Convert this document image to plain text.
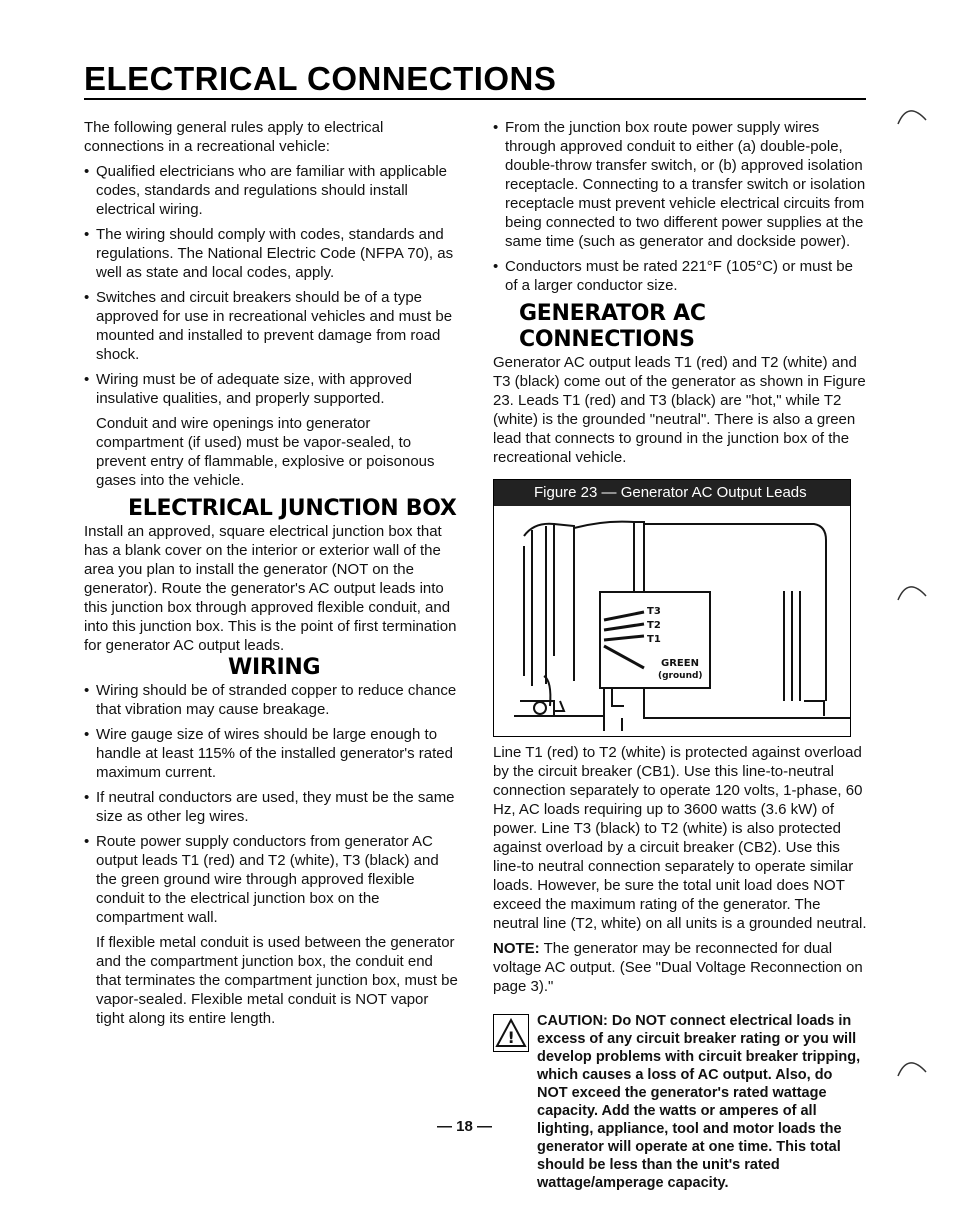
ELECTRICAL CONNECTIONS

The following general rules apply to electrical connections in a recreational vehicle:

• Qualified electricians who are familiar with applicable codes, standards and regulations should install electrical wiring.
• The wiring should comply with codes, standards and regulations. The National Electric Code (NFPA 70), as well as state and local codes, apply.
• Switches and circuit breakers should be of a type approved for use in recreational vehicles and must be mounted and installed to prevent damage from road shock.
• Wiring must be of adequate size, with approved insulative qualities, and properly supported.

Conduit and wire openings into generator compartment (if used) must be vapor-sealed, to prevent entry of flammable, explosive or poisonous gases into the vehicle.

ELECTRICAL JUNCTION BOX

Install an approved, square electrical junction box that has a blank cover on the interior or exterior wall of the area you plan to install the generator (NOT on the generator). Route the generator's AC output leads into this junction box through approved flexible conduit, and into this junction box. This is the point of first termination for generator AC output leads.

WIRING
• Wiring should be of stranded copper to reduce chance that vibration may cause breakage.
• Wire gauge size of wires should be large enough to handle at least 115% of the installed generator's rated maximum current.
• If neutral conductors are used, they must be the same size as other leg wires.
• Route power supply conductors from generator AC output leads T1 (red) and T2 (white), T3 (black) and the green ground wire through approved flexible conduit to the electrical junction box on the compartment wall.

If flexible metal conduit is used between the generator and the compartment junction box, the conduit end that terminates the compartment junction box, must be vapor-sealed. Flexible metal conduit is NOT vapor tight along its entire length.

• From the junction box route power supply wires through approved conduit to either (a) double-pole, double-throw transfer switch, or (b) approved isolation receptacle. Connecting to a transfer switch or isolation receptacle must prevent vehicle electrical circuits from being connected to two different power supplies at the same time (such as generator and dockside power).
• Conductors must be rated 221°F (105°C) or must be of a larger conductor size.
GENERATOR AC CONNECTIONS

Generator AC output leads T1 (red) and T2 (white) and T3 (black) come out of the generator as shown in Figure 23. Leads T1 (red) and T3 (black) are "hot," while T2 (white) is the grounded "neutral". There is also a green lead that connects to ground in the junction box of the recreational vehicle.

Figure 23 — Generator AC Output Leads
T3
T2
T1
GREEN
(ground)

Line T1 (red) to T2 (white) is protected against overload by the circuit breaker (CB1). Use this line-to-neutral connection separately to operate 120 volts, 1-phase, 60 Hz, AC loads requiring up to 3600 watts (3.6 kW) of power. Line T3 (black) to T2 (white) is also protected against overload by a circuit breaker (CB2). Use this line-to neutral connection separately to operate similar loads. However, be sure the total unit load does NOT exceed the maximum rating of the generator. The neutral line (T2, white) on all units is a grounded neutral.

NOTE: The generator may be reconnected for dual voltage AC output. (See "Dual Voltage Reconnection on page 3)."

!

CAUTION: Do NOT connect electrical loads in excess of any circuit breaker rating or you will develop problems with circuit breaker tripping, which causes a loss of AC output. Also, do NOT exceed the generator's rated wattage capacity. Add the watts or amperes of all lighting, appliance, tool and motor loads the generator will operate at one time. This total should be less than the unit's rated wattage/amperage capacity.

— 18 —
